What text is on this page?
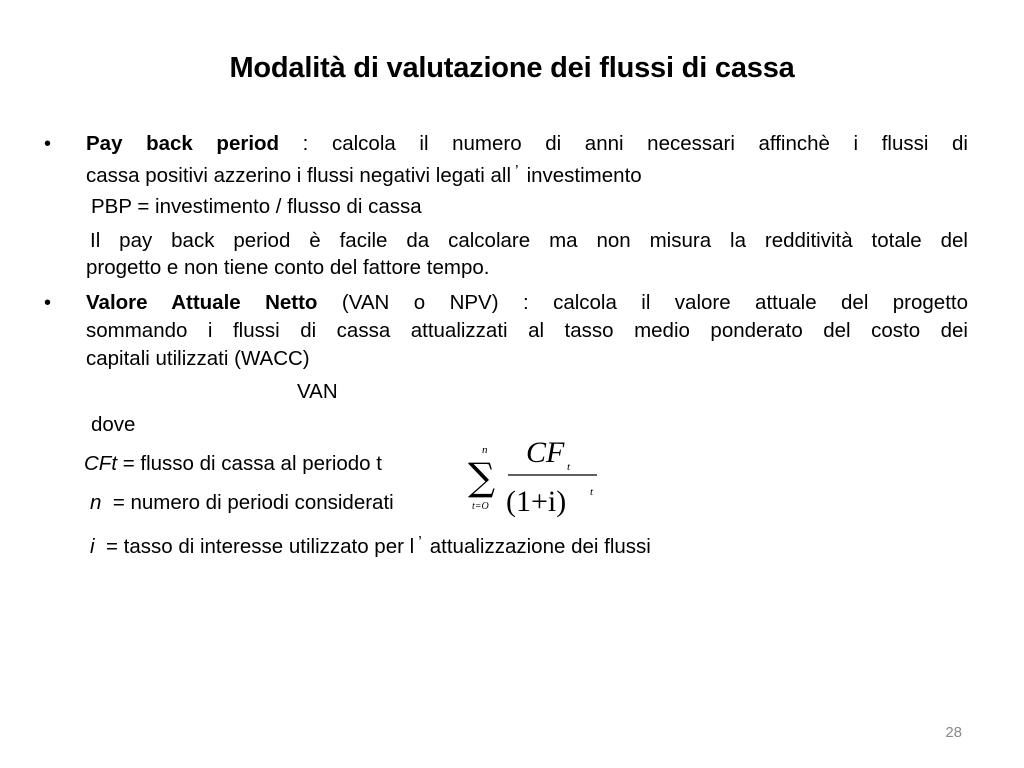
Modalità di valutazione dei flussi di cassa
• Pay back period : calcola il numero di anni necessari affinchè i flussi di
cassa positivi azzerino i flussi negativi legati all ’ investimento
PBP = investimento / flusso di cassa
Il pay back period è facile da calcolare ma non misura la redditività totale del
progetto e non tiene conto del fattore tempo.
• Valore Attuale Netto (VAN o NPV) : calcola il valore attuale del progetto
sommando i flussi di cassa attualizzati al tasso medio ponderato del costo dei
capitali utilizzati (WACC)
VAN
dove
CFt = flusso di cassa al periodo t
n = numero di periodi considerati
i = tasso di interesse utilizzato per l ’ attualizzazione dei flussi
n
∑
t=O
CF t
(1+i) t
28
